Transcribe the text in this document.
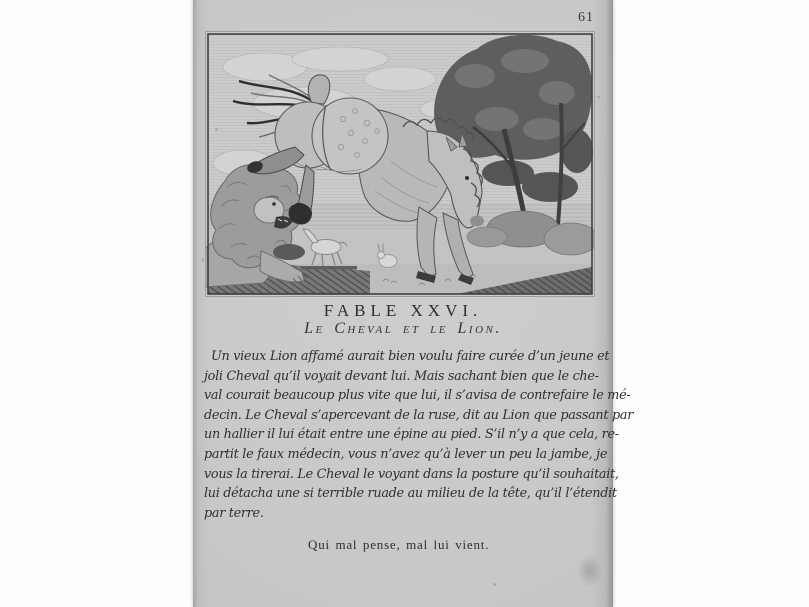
61
FABLE XXVI.
Le Cheval et le Lion.
Un vieux Lion affamé aurait bien voulu faire curée d’un jeune et
joli Cheval qu’il voyait devant lui. Mais sachant bien que le che-
val courait beaucoup plus vite que lui, il s’avisa de contrefaire le mé-
decin. Le Cheval s’apercevant de la ruse, dit au Lion que passant par
un hallier il lui était entre une épine au pied. S’il n’y a que cela, re-
partit le faux médecin, vous n’avez qu’à lever un peu la jambe, je
vous la tirerai. Le Cheval le voyant dans la posture qu’il souhaitait,
lui détacha une si terrible ruade au milieu de la tête, qu’il l’étendit
par terre.
Qui mal pense, mal lui vient.
